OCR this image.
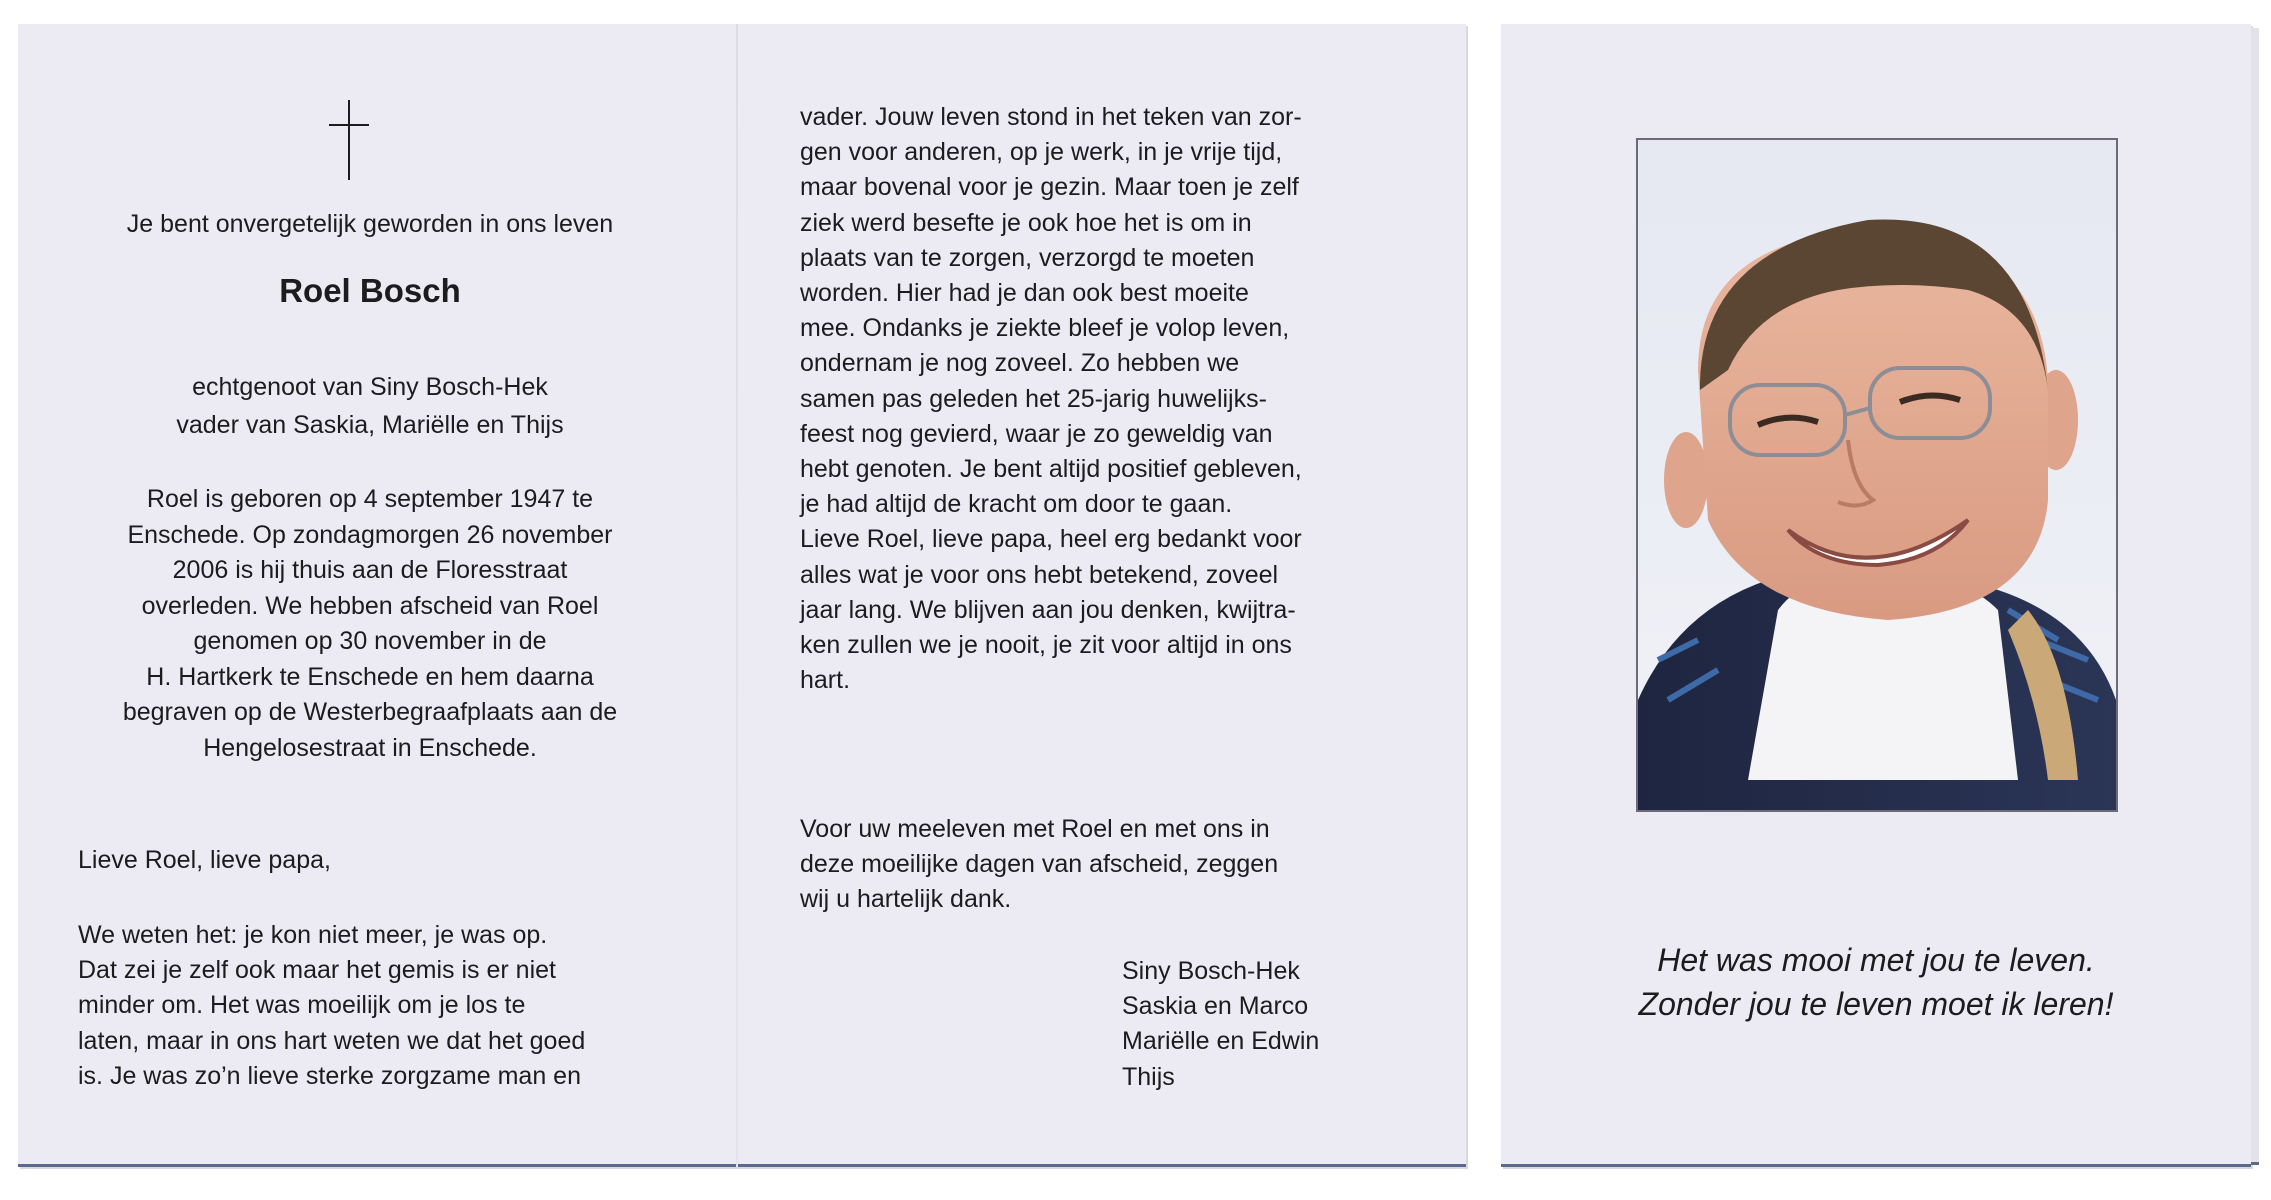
Je bent onvergetelijk geworden in ons leven
Roel Bosch
echtgenoot van Siny Bosch-Hek
vader van Saskia, Mariëlle en Thijs
Roel is geboren op 4 september 1947 te
Enschede. Op zondagmorgen 26 november
2006 is hij thuis aan de Floresstraat
overleden. We hebben afscheid van Roel
genomen op 30 november in de
H. Hartkerk te Enschede en hem daarna
begraven op de Westerbegraafplaats aan de
Hengelosestraat in Enschede.
Lieve Roel, lieve papa,
We weten het: je kon niet meer, je was op.
Dat zei je zelf ook maar het gemis is er niet
minder om. Het was moeilijk om je los te
laten, maar in ons hart weten we dat het goed
is. Je was zo’n lieve sterke zorgzame man en
vader. Jouw leven stond in het teken van zor-
gen voor anderen, op je werk, in je vrije tijd,
maar bovenal voor je gezin. Maar toen je zelf
ziek werd besefte je ook hoe het is om in
plaats van te zorgen, verzorgd te moeten
worden. Hier had je dan ook best moeite
mee. Ondanks je ziekte bleef je volop leven,
ondernam je nog zoveel. Zo hebben we
samen pas geleden het 25-jarig huwelijks-
feest nog gevierd, waar je zo geweldig van
hebt genoten. Je bent altijd positief gebleven,
je had altijd de kracht om door te gaan.
Lieve Roel, lieve papa, heel erg bedankt voor
alles wat je voor ons hebt betekend, zoveel
jaar lang. We blijven aan jou denken, kwijtra-
ken zullen we je nooit, je zit voor altijd in ons
hart.
Voor uw meeleven met Roel en met ons in
deze moeilijke dagen van afscheid, zeggen
wij u hartelijk dank.
Siny Bosch-Hek
Saskia en Marco
Mariëlle en Edwin
Thijs
Het was mooi met jou te leven.
Zonder jou te leven moet ik leren!
